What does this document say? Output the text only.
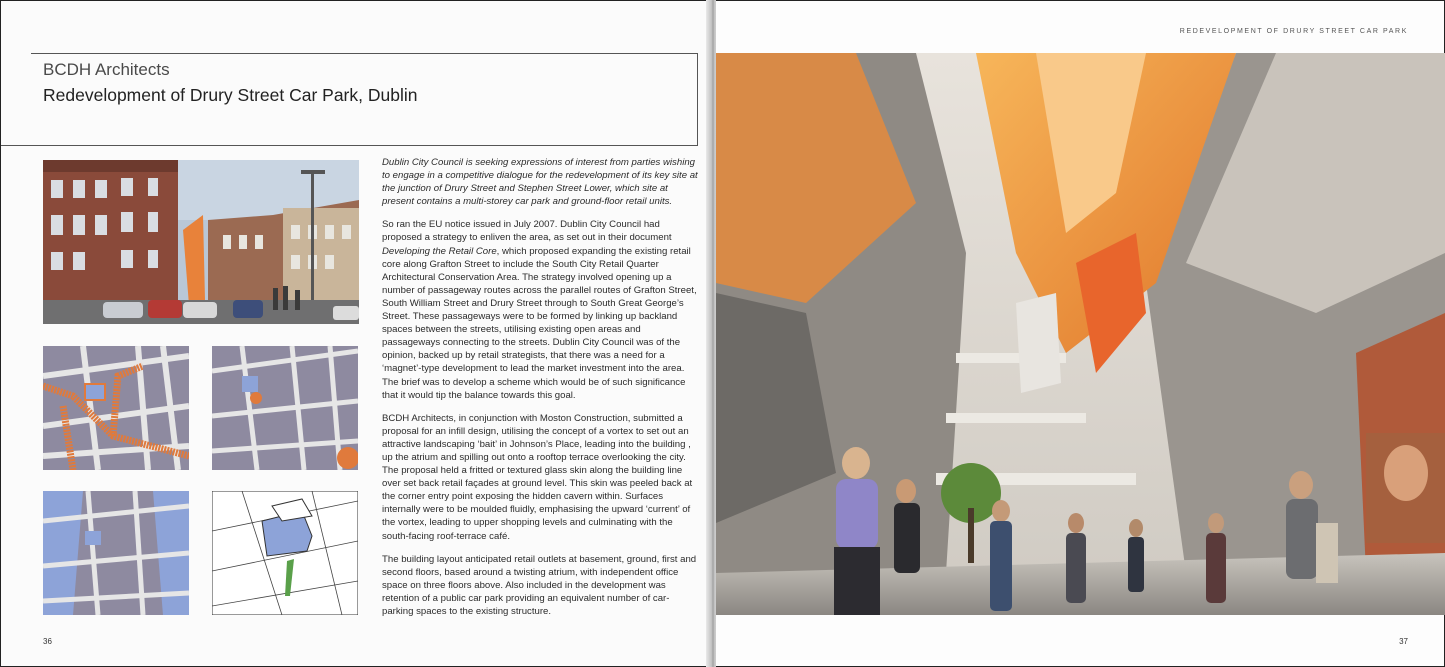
BCDH Architects
Redevelopment of Drury Street Car Park, Dublin

Dublin City Council is seeking expressions of interest from parties wishing to engage in a competitive dialogue for the redevelopment of its key site at the junction of Drury Street and Stephen Street Lower, which site at present contains a multi-storey car park and ground-floor retail units.

So ran the EU notice issued in July 2007. Dublin City Council had proposed a strategy to enliven the area, as set out in their document Developing the Retail Core, which proposed expanding the existing retail core along Grafton Street to include the South City Retail Quarter Architectural Conservation Area. The strategy involved opening up a number of passageway routes across the parallel routes of Grafton Street, South William Street and Drury Street through to South Great George’s Street. These passageways were to be formed by linking up backland spaces between the streets, utilising existing open areas and passageways connecting to the streets. Dublin City Council was of the opinion, backed up by retail strategists, that there was a need for a ‘magnet’-type development to lead the market investment into the area. The brief was to develop a scheme which would be of such significance that it would tip the balance towards this goal.

BCDH Architects, in conjunction with Moston Construction, submitted a proposal for an infill design, utilising the concept of a vortex to set out an attractive landscaping ‘bait’ in Johnson’s Place, leading into the building , up the atrium and spilling out onto a rooftop terrace overlooking the city. The proposal held a fritted or textured glass skin along the building line over set back retail façades at ground level. This skin was peeled back at the corner entry point exposing the hidden cavern within. Surfaces internally were to be moulded fluidly, emphasising the upward ‘current’ of the vortex, leading to upper shopping levels and culminating with the south-facing roof-terrace café.

The building layout anticipated retail outlets at basement, ground, first and second floors, based around a twisting atrium, with independent office space on three floors above. Also included in the development was retention of a public car park providing an equivalent number of car-parking spaces to the existing structure.

36
REDEVELOPMENT OF DRURY STREET CAR PARK
37
